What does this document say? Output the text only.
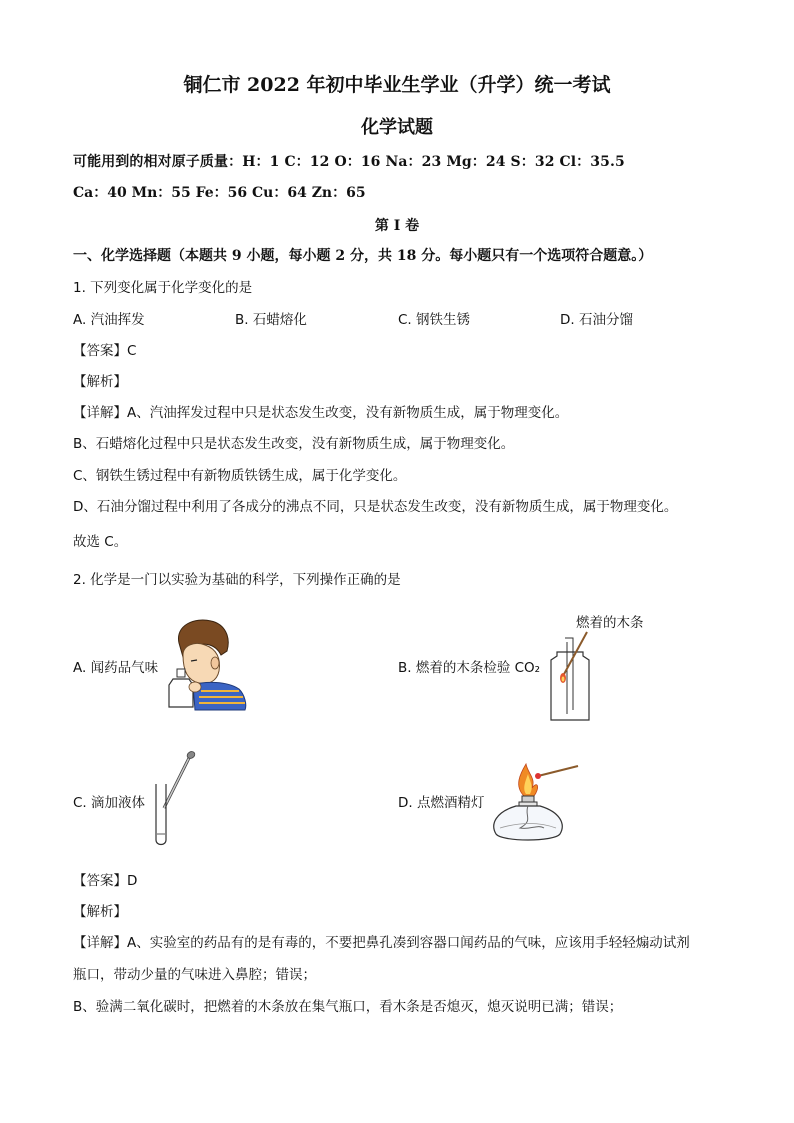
铜仁市 2022 年初中毕业生学业（升学）统一考试
化学试题
可能用到的相对原子质量：H：1 C：12 O：16 Na：23 Mg：24 S：32 Cl：35.5
Ca：40 Mn：55 Fe：56 Cu：64 Zn：65
第 I 卷
一、化学选择题（本题共 9 小题，每小题 2 分，共 18 分。每小题只有一个选项符合题意。）
1. 下列变化属于化学变化的是
A. 汽油挥发	B. 石蜡熔化	C. 钢铁生锈	D. 石油分馏
【答案】C
【解析】
【详解】A、汽油挥发过程中只是状态发生改变，没有新物质生成，属于物理变化。
B、石蜡熔化过程中只是状态发生改变，没有新物质生成，属于物理变化。
C、钢铁生锈过程中有新物质铁锈生成，属于化学变化。
D、石油分馏过程中利用了各成分的沸点不同，只是状态发生改变，没有新物质生成，属于物理变化。
故选 C。
2. 化学是一门以实验为基础的科学，下列操作正确的是
燃着的木条
A. 闻药品气味	B. 燃着的木条检验 CO₂
C. 滴加液体	D. 点燃酒精灯
【答案】D
【解析】
【详解】A、实验室的药品有的是有毒的，不要把鼻孔凑到容器口闻药品的气味，应该用手轻轻煽动试剂
瓶口，带动少量的气味进入鼻腔；错误；
B、验满二氧化碳时，把燃着的木条放在集气瓶口，看木条是否熄灭，熄灭说明已满；错误；
